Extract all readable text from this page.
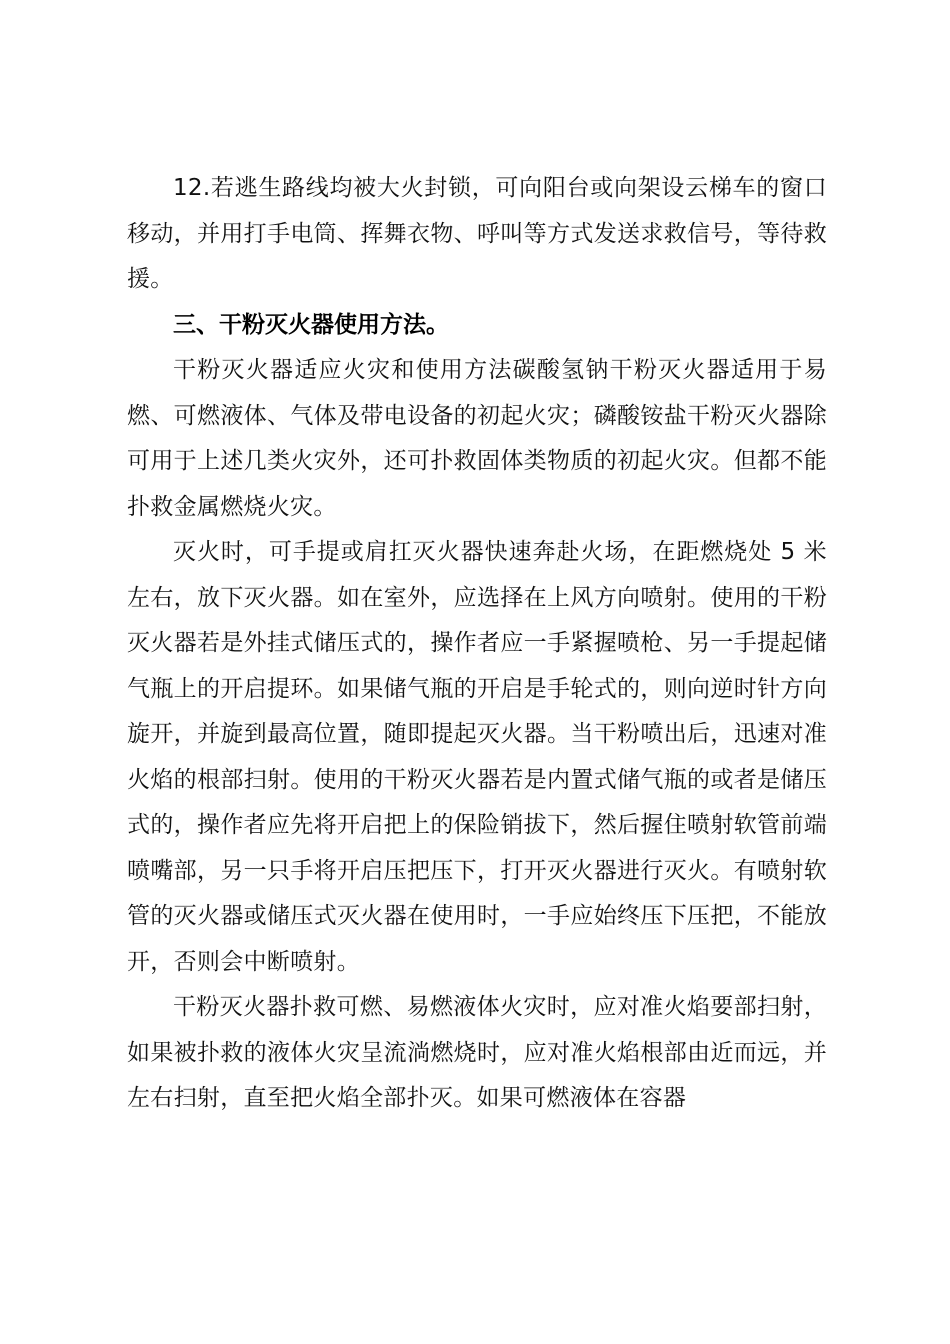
12.若逃生路线均被大火封锁，可向阳台或向架设云梯车的窗口移动，并用打手电筒、挥舞衣物、呼叫等方式发送求救信号，等待救援。

三、干粉灭火器使用方法。

干粉灭火器适应火灾和使用方法碳酸氢钠干粉灭火器适用于易燃、可燃液体、气体及带电设备的初起火灾；磷酸铵盐干粉灭火器除可用于上述几类火灾外，还可扑救固体类物质的初起火灾。但都不能扑救金属燃烧火灾。

灭火时，可手提或肩扛灭火器快速奔赴火场，在距燃烧处 5 米左右，放下灭火器。如在室外，应选择在上风方向喷射。使用的干粉灭火器若是外挂式储压式的，操作者应一手紧握喷枪、另一手提起储气瓶上的开启提环。如果储气瓶的开启是手轮式的，则向逆时针方向旋开，并旋到最高位置，随即提起灭火器。当干粉喷出后，迅速对准火焰的根部扫射。使用的干粉灭火器若是内置式储气瓶的或者是储压式的，操作者应先将开启把上的保险销拔下，然后握住喷射软管前端喷嘴部，另一只手将开启压把压下，打开灭火器进行灭火。有喷射软管的灭火器或储压式灭火器在使用时，一手应始终压下压把，不能放开，否则会中断喷射。

干粉灭火器扑救可燃、易燃液体火灾时，应对准火焰要部扫射，如果被扑救的液体火灾呈流淌燃烧时，应对准火焰根部由近而远，并左右扫射，直至把火焰全部扑灭。如果可燃液体在容器
